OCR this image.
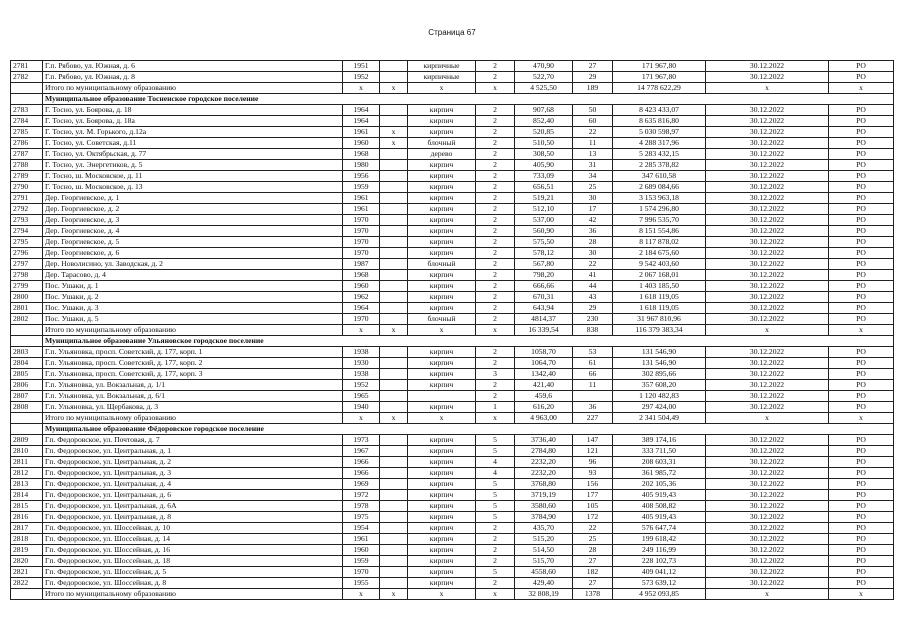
Страница 67
2781	Г.п. Рябово, ул. Южная, д. 6	1951		кирпичные	2	470,90	27	171 967,80	30.12.2022	РО
2782	Г.п. Рябово, ул. Южная, д. 8	1952		кирпичные	2	522,70	29	171 967,80	30.12.2022	РО
	Итого по муниципальному образованию	х	х	х	х	4 525,50	189	14 778 622,29	х	х
	Муниципальное образование Тосненское городское поселение									
2783	Г. Тосно, ул. Боярова, д. 18	1964		кирпич	2	907,68	50	8 423 433,07	30.12.2022	РО
2784	Г. Тосно, ул. Боярова, д. 18а	1964		кирпич	2	852,40	60	8 635 816,80	30.12.2022	РО
2785	Г. Тосно, ул. М. Горького, д.12а	1961	х	кирпич	2	520,85	22	5 030 598,97	30.12.2022	РО
2786	Г. Тосно, ул. Советская, д.11	1960	х	блочный	2	510,50	11	4 288 317,96	30.12.2022	РО
2787	Г. Тосно, ул. Октябрьская, д. 77	1968		дерево	2	308,50	13	5 283 432,15	30.12.2022	РО
2788	Г. Тосно, ул. Энергетиков, д. 5	1980		кирпич	2	405,90	31	2 285 378,82	30.12.2022	РО
2789	Г. Тосно, ш. Московское, д. 11	1956		кирпич	2	733,09	34	347 610,58	30.12.2022	РО
2790	Г. Тосно, ш. Московское, д. 13	1959		кирпич	2	656,51	25	2 689 084,66	30.12.2022	РО
2791	Дер. Георгиевское, д. 1	1961		кирпич	2	519,21	30	3 153 963,18	30.12.2022	РО
2792	Дер. Георгиевское, д. 2	1961		кирпич	2	512,10	17	1 574 296,80	30.12.2022	РО
2793	Дер. Георгиевское, д. 3	1970		кирпич	2	537,00	42	7 996 535,70	30.12.2022	РО
2794	Дер. Георгиевское, д. 4	1970		кирпич	2	560,90	36	8 151 554,86	30.12.2022	РО
2795	Дер. Георгиевское, д. 5	1970		кирпич	2	575,50	28	8 117 878,02	30.12.2022	РО
2796	Дер. Георгиевское, д. 6	1970		кирпич	2	578,12	30	2 184 675,60	30.12.2022	РО
2797	Дер. Новолисино, ул. Заводская, д. 2	1987		блочный	2	567,80	22	9 542 403,60	30.12.2022	РО
2798	Дер. Тарасово, д. 4	1968		кирпич	2	798,20	41	2 067 168,01	30.12.2022	РО
2799	Пос. Ушаки, д. 1	1960		кирпич	2	666,66	44	1 403 185,50	30.12.2022	РО
2800	Пос. Ушаки, д. 2	1962		кирпич	2	670,31	43	1 618 119,05	30.12.2022	РО
2801	Пос. Ушаки, д. 3	1964		кирпич	2	643,94	29	1 618 119,05	30.12.2022	РО
2802	Пос. Ушаки, д. 5	1970		блочный	2	4814,37	230	31 967 810,96	30.12.2022	РО
	Итого по муниципальному образованию	х	х	х	х	16 339,54	838	116 379 383,34	х	х
	Муниципальное образование Ульяновское городское поселение									
2803	Г.п. Ульяновка, просп. Советский, д. 177, корп. 1	1938		кирпич	2	1058,70	53	131 546,90	30.12.2022	РО
2804	Г.п. Ульяновка, просп. Советский, д. 177, корп. 2	1930		кирпич	2	1064,70	61	131 546,90	30.12.2022	РО
2805	Г.п. Ульяновка, просп. Советский, д. 177, корп. 3	1938		кирпич	3	1342,40	66	302 895,66	30.12.2022	РО
2806	Г.п. Ульяновка, ул. Вокзальная, д. 1/1	1952		кирпич	2	421,40	11	357 608,20	30.12.2022	РО
2807	Г.п. Ульяновка, ул. Вокзальная, д. 6/1	1965			2	459,6		1 120 482,83	30.12.2022	РО
2808	Г.п. Ульяновка, ул. Щербакова, д. 3	1940		кирпич	1	616,20	36	297 424,00	30.12.2022	РО
	Итого по муниципальному образованию	х	х	х	х	4 963,00	227	2 341 504,49	х	х
	Муниципальное образование Фёдоровское городское поселение									
2809	Гп. Федоровское, ул. Почтовая, д. 7	1973		кирпич	5	3736,40	147	389 174,16	30.12.2022	РО
2810	Гп. Федоровское, ул. Центральная, д. 1	1967		кирпич	5	2784,80	121	333 711,50	30.12.2022	РО
2811	Гп. Федоровское, ул. Центральная, д. 2	1966		кирпич	4	2232,20	96	208 603,31	30.12.2022	РО
2812	Гп. Федоровское, ул. Центральная, д. 3	1966		кирпич	4	2232,20	93	361 985,72	30.12.2022	РО
2813	Гп. Федоровское, ул. Центральная, д. 4	1969		кирпич	5	3768,80	156	202 105,36	30.12.2022	РО
2814	Гп. Федоровское, ул. Центральная, д. 6	1972		кирпич	5	3719,19	177	405 919,43	30.12.2022	РО
2815	Гп. Федоровское, ул. Центральная, д. 6А	1978		кирпич	5	3580,60	105	408 508,82	30.12.2022	РО
2816	Гп. Федоровское, ул. Центральная, д. 8	1975		кирпич	5	3784,90	172	405 919,43	30.12.2022	РО
2817	Гп. Федоровское, ул. Шоссейная, д. 10	1954		кирпич	2	435,70	22	576 647,74	30.12.2022	РО
2818	Гп. Федоровское, ул. Шоссейная, д. 14	1961		кирпич	2	515,20	25	199 618,42	30.12.2022	РО
2819	Гп. Федоровское, ул. Шоссейная, д. 16	1960		кирпич	2	514,50	28	249 116,99	30.12.2022	РО
2820	Гп. Федоровское, ул. Шоссейная, д. 18	1959		кирпич	2	515,70	27	228 102,73	30.12.2022	РО
2821	Гп. Федоровское, ул. Шоссейная, д. 5	1970		кирпич	5	4558,60	182	409 041,12	30.12.2022	РО
2822	Гп. Федоровское, ул. Шоссейная, д. 8	1955		кирпич	2	429,40	27	573 639,12	30.12.2022	РО
	Итого по муниципальному образованию	х	х	х	х	32 808,19	1378	4 952 093,85	х	х
